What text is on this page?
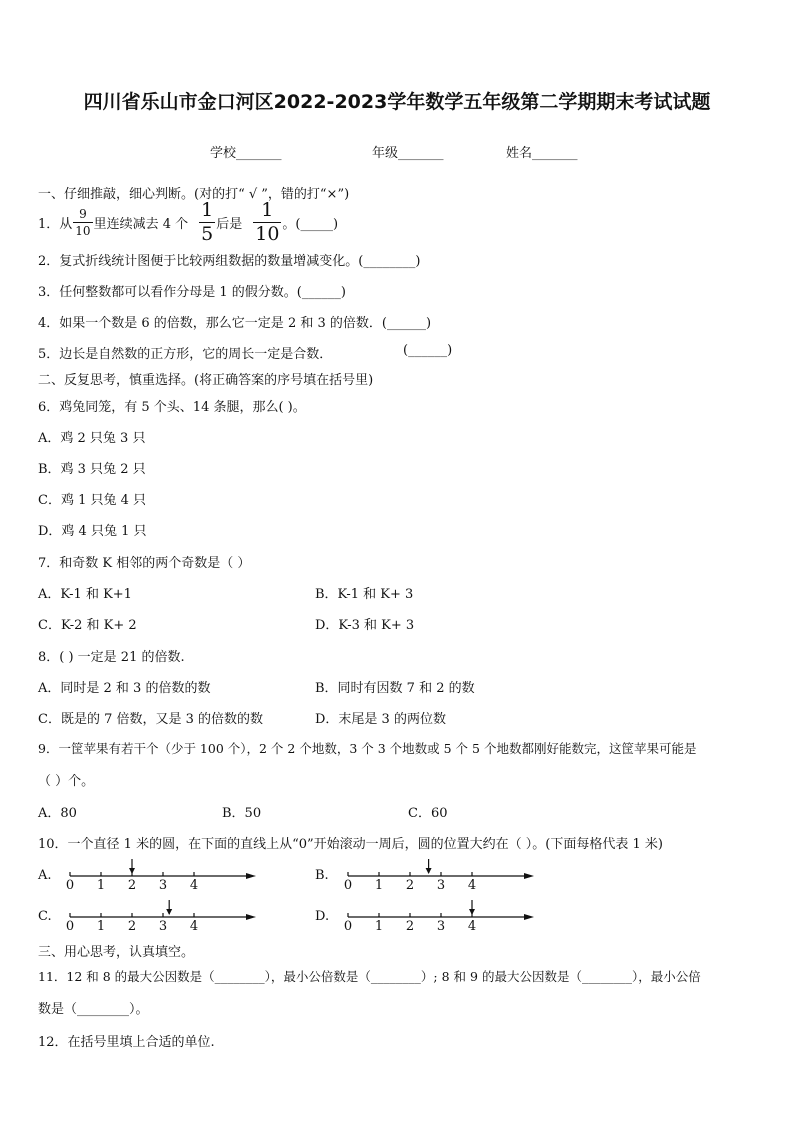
四川省乐山市金口河区2022-2023学年数学五年级第二学期期末考试试题
学校_______	年级_______	姓名_______
一、仔细推敲，细心判断。(对的打“ √ ”，错的打“×”)
1． 从 $\frac{9}{10}$ 里连续减去 4 个 $\frac{1}{5}$ 后是 $\frac{1}{10}$ 。(_____)
2．复式折线统计图便于比较两组数据的数量增减变化。(________)
3．任何整数都可以看作分母是 1 的假分数。(______)
4．如果一个数是 6 的倍数，那么它一定是 2 和 3 的倍数．(______)
5．边长是自然数的正方形，它的周长一定是合数．	(______)
二、反复思考，慎重选择。(将正确答案的序号填在括号里)
6．鸡兔同笼，有 5 个头、14 条腿，那么( )。
A．鸡 2 只兔 3 只
B．鸡 3 只兔 2 只
C．鸡 1 只兔 4 只
D．鸡 4 只兔 1 只
7．和奇数 K 相邻的两个奇数是（ ）
A．K-1 和 K+1	B．K-1 和 K+ 3
C．K-2 和 K+ 2	D．K-3 和 K+ 3
8．( ) 一定是 21 的倍数.
A．同时是 2 和 3 的倍数的数	B．同时有因数 7 和 2 的数
C．既是的 7 倍数，又是 3 的倍数的数	D．末尾是 3 的两位数
9．一筐苹果有若干个（少于 100 个），2 个 2 个地数，3 个 3 个地数或 5 个 5 个地数都刚好能数完，这筐苹果可能是
（ ）个。
A．80	B．50	C．60
10．一个直径 1 米的圆，在下面的直线上从“0”开始滚动一周后，圆的位置大约在（ ）。(下面每格代表 1 米)
A.	B.
C.	D.
0 1 2 3 4	0 1 2 3 4
0 1 2 3 4	0 1 2 3 4
三、用心思考，认真填空。
11．12 和 8 的最大公因数是（________），最小公倍数是（________）; 8 和 9 的最大公因数是（________），最小公倍
数是（________）。
12．在括号里填上合适的单位.
